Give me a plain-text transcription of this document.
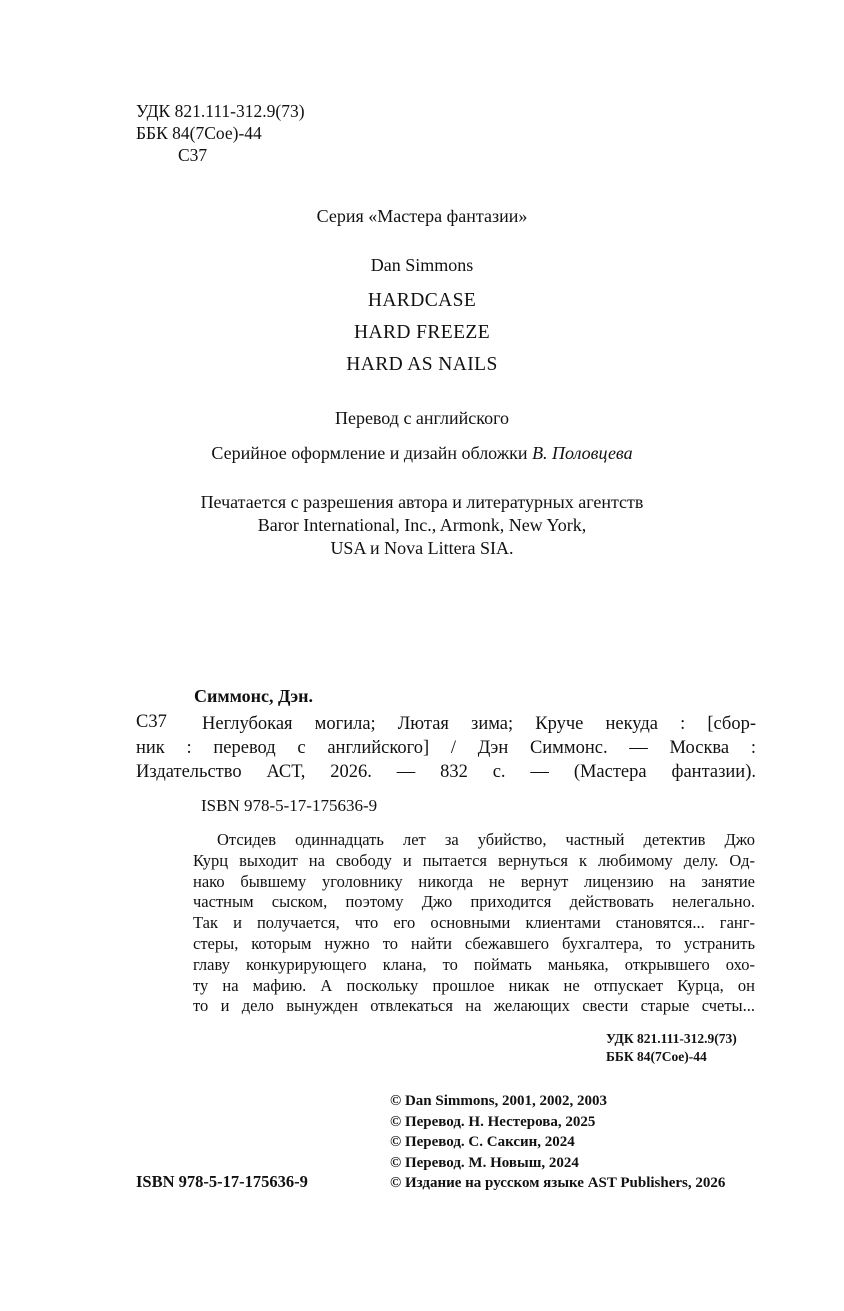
УДК 821.111-312.9(73)
ББК 84(7Сое)-44
С37
Серия «Мастера фантазии»
Dan Simmons
HARDCASE
HARD FREEZE
HARD AS NAILS
Перевод с английского
Серийное оформление и дизайн обложки В. Половцева
Печатается с разрешения автора и литературных агентств
Baror International, Inc., Armonk, New York,
USA и Nova Littera SIA.
Симмонс, Дэн.
С37	Неглубокая могила; Лютая зима; Круче некуда : [сбор-
ник : перевод с английского] / Дэн Симмонс. — Москва :
Издательство АСТ, 2026. — 832 с. — (Мастера фантазии).
ISBN 978-5-17-175636-9
Отсидев одиннадцать лет за убийство, частный детектив Джо
Курц выходит на свободу и пытается вернуться к любимому делу. Од-
нако бывшему уголовнику никогда не вернут лицензию на занятие
частным сыском, поэтому Джо приходится действовать нелегально.
Так и получается, что его основными клиентами становятся... ганг-
стеры, которым нужно то найти сбежавшего бухгалтера, то устранить
главу конкурирующего клана, то поймать маньяка, открывшего охо-
ту на мафию. А поскольку прошлое никак не отпускает Курца, он
то и дело вынужден отвлекаться на желающих свести старые счеты...
УДК 821.111-312.9(73)
ББК 84(7Сое)-44
© Dan Simmons, 2001, 2002, 2003
© Перевод. Н. Нестерова, 2025
© Перевод. С. Саксин, 2024
© Перевод. М. Новыш, 2024
© Издание на русском языке AST Publishers, 2026
ISBN 978-5-17-175636-9
